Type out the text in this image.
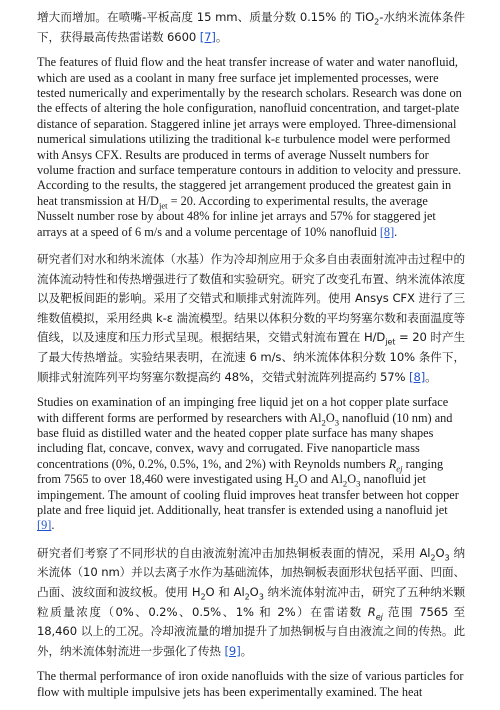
增大而增加。在喷嘴-平板高度 15 mm、质量分数 0.15% 的 TiO$_2$-水纳米流体条件下，获得最高传热雷诺数 6600 [7]。

The features of fluid flow and the heat transfer increase of water and water nanofluid, which are used as a coolant in many free surface jet implemented processes, were tested numerically and experimentally by the research scholars. Research was done on the effects of altering the hole configuration, nanofluid concentration, and target-plate distance of separation. Staggered inline jet arrays were employed. Three-dimensional numerical simulations utilizing the traditional k-ε turbulence model were performed with Ansys CFX. Results are produced in terms of average Nusselt numbers for volume fraction and surface temperature contours in addition to velocity and pressure. According to the results, the staggered jet arrangement produced the greatest gain in heat transmission at $H/D_{jet} = 20$. According to experimental results, the average Nusselt number rose by about 48% for inline jet arrays and 57% for staggered jet arrays at a speed of 6 m/s and a volume percentage of 10% nanofluid [8].

研究者们对水和纳米流体（水基）作为冷却剂应用于众多自由表面射流冲击过程中的流体流动特性和传热增强进行了数值和实验研究。研究了改变孔布置、纳米流体浓度以及靶板间距的影响。采用了交错式和顺排式射流阵列。使用 Ansys CFX 进行了三维数值模拟，采用经典 k-ε 湍流模型。结果以体积分数的平均努塞尔数和表面温度等值线，以及速度和压力形式呈现。根据结果，交错式射流布置在 $H/D_{jet} = 20$ 时产生了最大传热增益。实验结果表明，在流速 6 m/s、纳米流体体积分数 10% 条件下，顺排式射流阵列平均努塞尔数提高约 48%，交错式射流阵列提高约 57% [8]。

Studies on examination of an impinging free liquid jet on a hot copper plate surface with different forms are performed by researchers with $Al_2O_3$ nanofluid (10 nm) and base fluid as distilled water and the heated copper plate surface has many shapes including flat, concave, convex, wavy and corrugated. Five nanoparticle mass concentrations (0%, 0.2%, 0.5%, 1%, and 2%) with Reynolds numbers $R_{ej}$ ranging from 7565 to over 18,460 were investigated using $H_2O$ and $Al_2O_3$ nanofluid jet impingement. The amount of cooling fluid improves heat transfer between hot copper plate and free liquid jet. Additionally, heat transfer is extended using a nanofluid jet [9].

研究者们考察了不同形状的自由液流射流冲击加热铜板表面的情况，采用 $Al_2O_3$ 纳米流体（10 nm）并以去离子水作为基础流体，加热铜板表面形状包括平面、凹面、凸面、波纹面和波纹板。使用 $H_2O$ 和 $Al_2O_3$ 纳米流体射流冲击，研究了五种纳米颗粒质量浓度（0%、0.2%、0.5%、1% 和 2%）在雷诺数 $R_{ej}$ 范围 7565 至 18,460 以上的工况。冷却液流量的增加提升了加热铜板与自由液流之间的传热。此外，纳米流体射流进一步强化了传热 [9]。

The thermal performance of iron oxide nanofluids with the size of various particles for flow with multiple impulsive jets has been experimentally examined. The heat
